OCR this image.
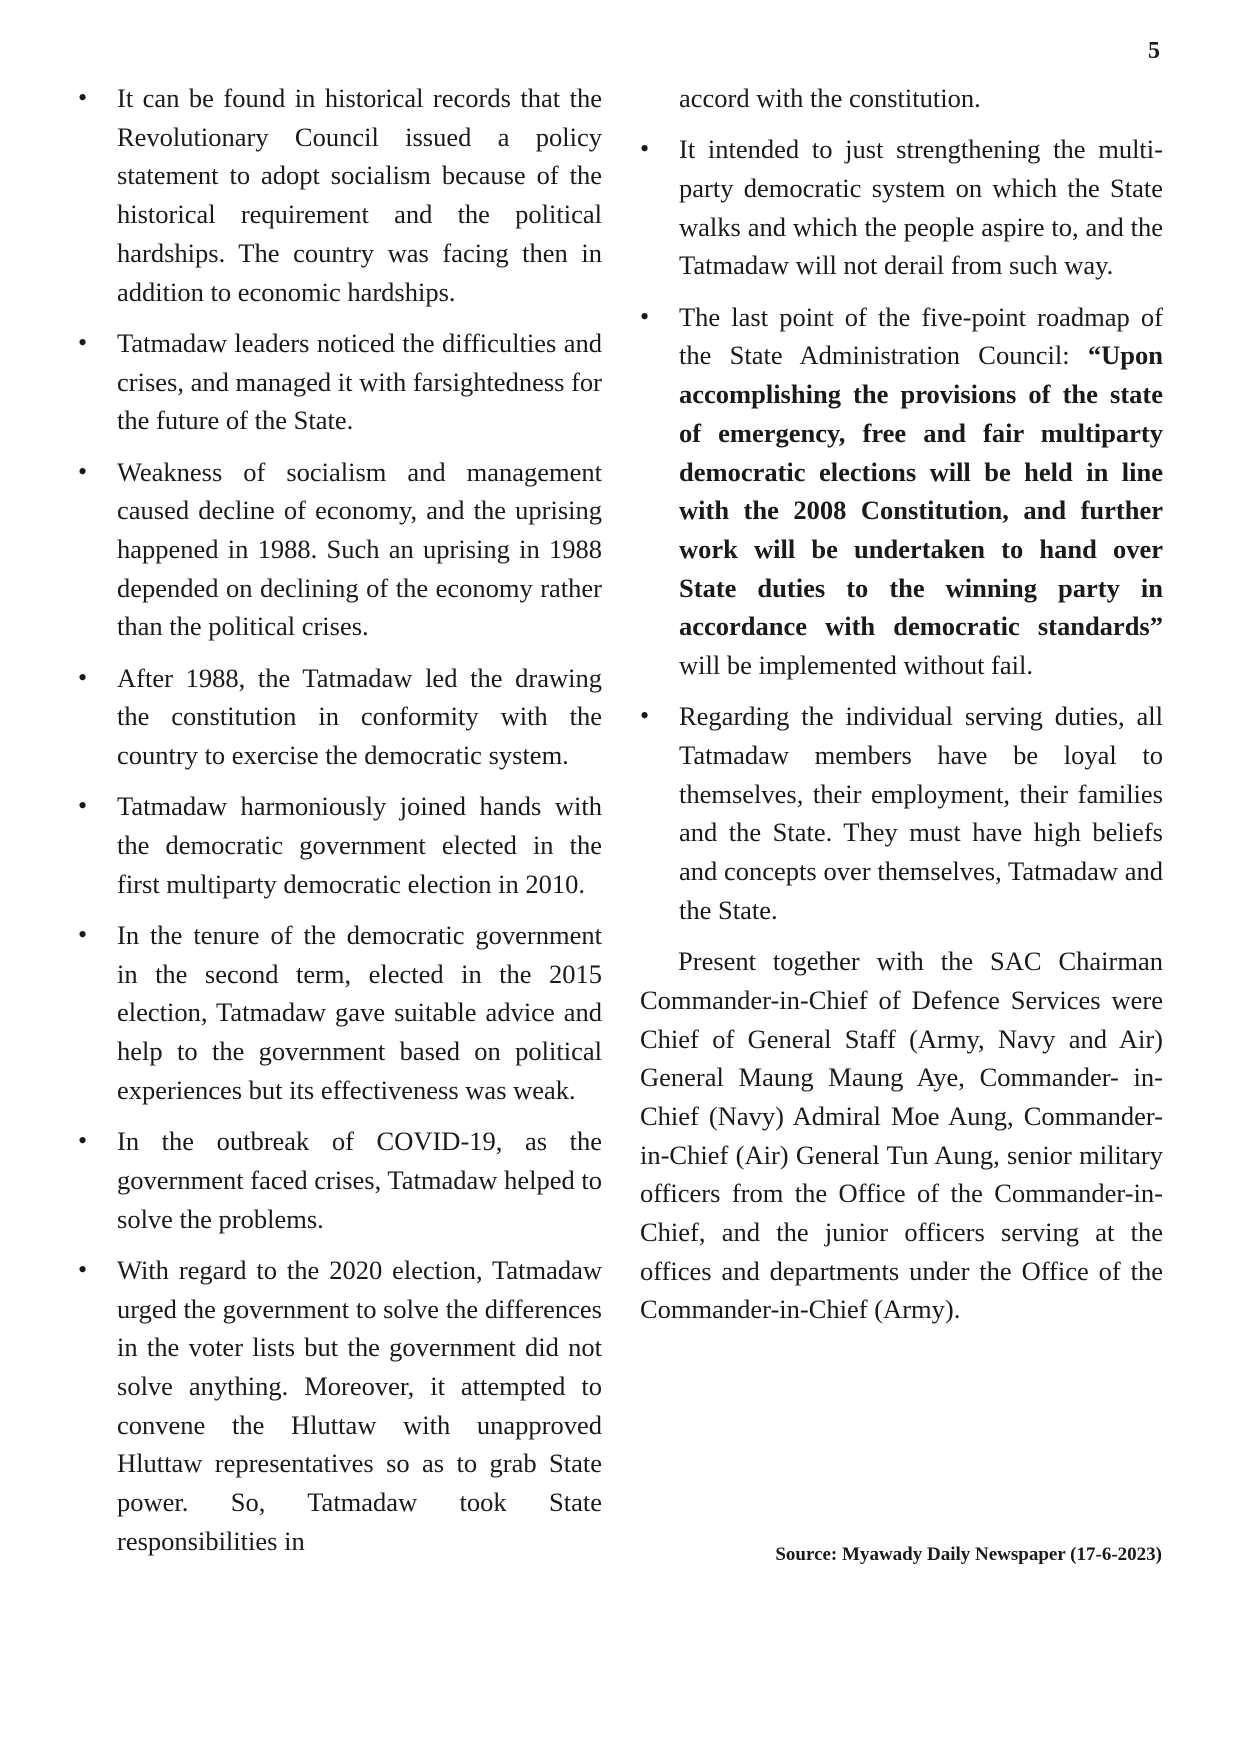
5
• It can be found in historical records that the Revolutionary Council issued a policy statement to adopt socialism because of the historical requirement and the political hardships. The country was facing then in addition to economic hardships.
• Tatmadaw leaders noticed the difficulties and crises, and managed it with farsightedness for the future of the State.
• Weakness of socialism and management caused decline of economy, and the uprising happened in 1988. Such an uprising in 1988 depended on declining of the economy rather than the political crises.
• After 1988, the Tatmadaw led the drawing the constitution in conformity with the country to exercise the democratic system.
• Tatmadaw harmoniously joined hands with the democratic government elected in the first multiparty democratic election in 2010.
• In the tenure of the democratic government in the second term, elected in the 2015 election, Tatmadaw gave suitable advice and help to the government based on political experiences but its effectiveness was weak.
• In the outbreak of COVID-19, as the government faced crises, Tatmadaw helped to solve the problems.
• With regard to the 2020 election, Tatmadaw urged the government to solve the differences in the voter lists but the government did not solve anything. Moreover, it attempted to convene the Hluttaw with unapproved Hluttaw representatives so as to grab State power. So, Tatmadaw took State responsibilities in
accord with the constitution.
• It intended to just strengthening the multi-party democratic system on which the State walks and which the people aspire to, and the Tatmadaw will not derail from such way.
• The last point of the five-point roadmap of the State Administration Council: “Upon accomplishing the provisions of the state of emergency, free and fair multiparty democratic elections will be held in line with the 2008 Constitution, and further work will be undertaken to hand over State duties to the winning party in accordance with democratic standards” will be implemented without fail.
• Regarding the individual serving duties, all Tatmadaw members have be loyal to themselves, their employment, their families and the State. They must have high beliefs and concepts over themselves, Tatmadaw and the State.

Present together with the SAC Chairman Commander-in-Chief of Defence Services were Chief of General Staff (Army, Navy and Air) General Maung Maung Aye, Commander- in-Chief (Navy) Admiral Moe Aung, Commander-in-Chief (Air) General Tun Aung, senior military officers from the Office of the Commander-in-Chief, and the junior officers serving at the offices and departments under the Office of the Commander-in-Chief (Army).

Source: Myawady Daily Newspaper (17-6-2023)
